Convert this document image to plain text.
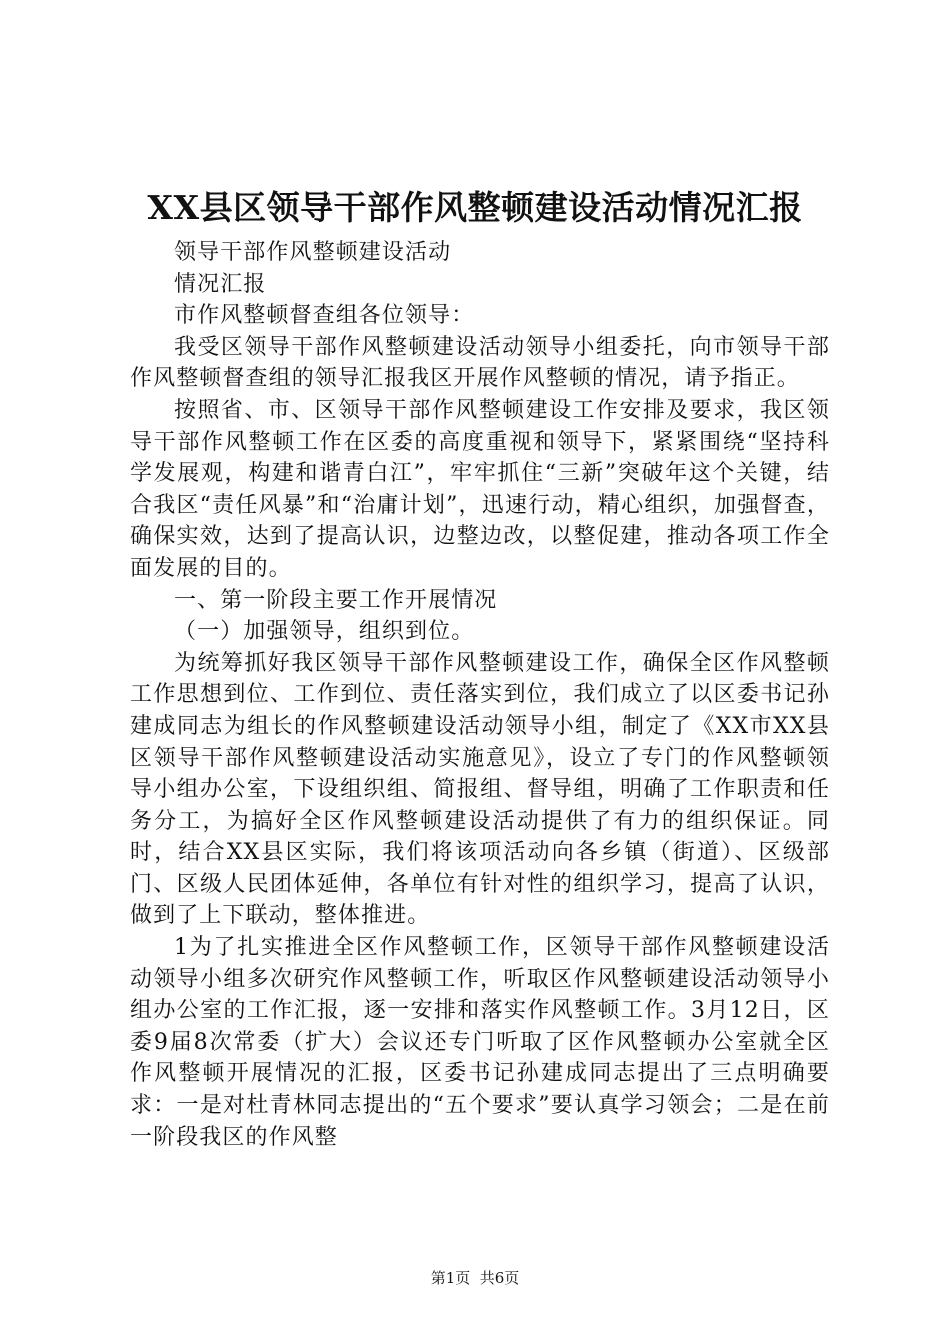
XX县区领导干部作风整顿建设活动情况汇报

领导干部作风整顿建设活动

情况汇报

市作风整顿督查组各位领导：

我受区领导干部作风整顿建设活动领导小组委托，向市领导干部作风整顿督查组的领导汇报我区开展作风整顿的情况，请予指正。

按照省、市、区领导干部作风整顿建设工作安排及要求，我区领导干部作风整顿工作在区委的高度重视和领导下，紧紧围绕“坚持科学发展观，构建和谐青白江”，牢牢抓住“三新”突破年这个关键，结合我区“责任风暴”和“治庸计划”，迅速行动，精心组织，加强督查，确保实效，达到了提高认识，边整边改，以整促建，推动各项工作全面发展的目的。

一、第一阶段主要工作开展情况

（一）加强领导，组织到位。

为统筹抓好我区领导干部作风整顿建设工作，确保全区作风整顿工作思想到位、工作到位、责任落实到位，我们成立了以区委书记孙建成同志为组长的作风整顿建设活动领导小组，制定了《XX市XX县区领导干部作风整顿建设活动实施意见》，设立了专门的作风整顿领导小组办公室，下设组织组、简报组、督导组，明确了工作职责和任务分工，为搞好全区作风整顿建设活动提供了有力的组织保证。同时，结合XX县区实际，我们将该项活动向各乡镇（街道）、区级部门、区级人民团体延伸，各单位有针对性的组织学习，提高了认识，做到了上下联动，整体推进。

1为了扎实推进全区作风整顿工作，区领导干部作风整顿建设活动领导小组多次研究作风整顿工作，听取区作风整顿建设活动领导小组办公室的工作汇报，逐一安排和落实作风整顿工作。3月12日，区委9届8次常委（扩大）会议还专门听取了区作风整顿办公室就全区作风整顿开展情况的汇报，区委书记孙建成同志提出了三点明确要求：一是对杜青林同志提出的“五个要求”要认真学习领会；二是在前一阶段我区的作风整

第1页  共6页
